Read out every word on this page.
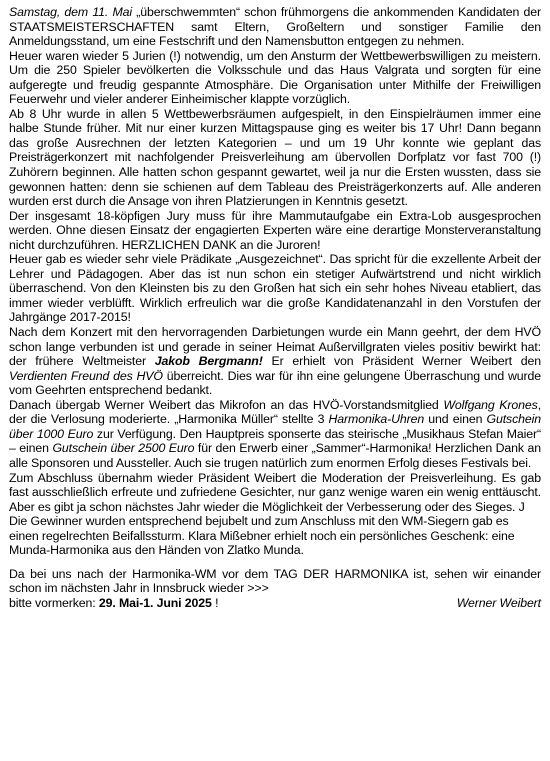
Samstag, dem 11. Mai „überschwemmten“ schon frühmorgens die ankommenden Kandidaten der STAATSMEISTERSCHAFTEN samt Eltern, Großeltern und sonstiger Familie den Anmeldungsstand, um eine Festschrift und den Namensbutton entgegen zu nehmen.

Heuer waren wieder 5 Jurien (!) notwendig, um den Ansturm der Wettbewerbswilligen zu meistern. Um die 250 Spieler bevölkerten die Volksschule und das Haus Valgrata und sorgten für eine aufgeregte und freudig gespannte Atmosphäre. Die Organisation unter Mithilfe der Freiwilligen Feuerwehr und vieler anderer Einheimischer klappte vorzüglich.

Ab 8 Uhr wurde in allen 5 Wettbewerbsräumen aufgespielt, in den Einspielräumen immer eine halbe Stunde früher. Mit nur einer kurzen Mittagspause ging es weiter bis 17 Uhr! Dann begann das große Ausrechnen der letzten Kategorien – und um 19 Uhr konnte wie geplant das Preisträgerkonzert mit nachfolgender Preisverleihung am übervollen Dorfplatz vor fast 700 (!) Zuhörern beginnen. Alle hatten schon gespannt gewartet, weil ja nur die Ersten wussten, dass sie gewonnen hatten: denn sie schienen auf dem Tableau des Preisträgerkonzerts auf. Alle anderen wurden erst durch die Ansage von ihren Platzierungen in Kenntnis gesetzt.

Der insgesamt 18-köpfigen Jury muss für ihre Mammutaufgabe ein Extra-Lob ausgesprochen werden. Ohne diesen Einsatz der engagierten Experten wäre eine derartige Monsterveranstaltung nicht durchzuführen. HERZLICHEN DANK an die Juroren!

Heuer gab es wieder sehr viele Prädikate „Ausgezeichnet“. Das spricht für die exzellente Arbeit der Lehrer und Pädagogen. Aber das ist nun schon ein stetiger Aufwärtstrend und nicht wirklich überraschend. Von den Kleinsten bis zu den Großen hat sich ein sehr hohes Niveau etabliert, das immer wieder verblüfft. Wirklich erfreulich war die große Kandidatenanzahl in den Vorstufen der Jahrgänge 2017-2015!

Nach dem Konzert mit den hervorragenden Darbietungen wurde ein Mann geehrt, der dem HVÖ schon lange verbunden ist und gerade in seiner Heimat Außervillgraten vieles positiv bewirkt hat: der frühere Weltmeister Jakob Bergmann! Er erhielt von Präsident Werner Weibert den Verdienten Freund des HVÖ überreicht. Dies war für ihn eine gelungene Überraschung und wurde vom Geehrten entsprechend bedankt.

Danach übergab Werner Weibert das Mikrofon an das HVÖ-Vorstandsmitglied Wolfgang Krones, der die Verlosung moderierte. „Harmonika Müller“ stellte 3 Harmonika-Uhren und einen Gutschein über 1000 Euro zur Verfügung. Den Hauptpreis sponserte das steirische „Musikhaus Stefan Maier“ – einen Gutschein über 2500 Euro für den Erwerb einer „Sammer“-Harmonika! Herzlichen Dank an alle Sponsoren und Aussteller. Auch sie trugen natürlich zum enormen Erfolg dieses Festivals bei.

Zum Abschluss übernahm wieder Präsident Weibert die Moderation der Preisverleihung. Es gab fast ausschließlich erfreute und zufriedene Gesichter, nur ganz wenige waren ein wenig enttäuscht. Aber es gibt ja schon nächstes Jahr wieder die Möglichkeit der Verbesserung oder des Sieges. J

Die Gewinner wurden entsprechend bejubelt und zum Anschluss mit den WM-Siegern gab es einen regelrechten Beifallssturm. Klara Mißebner erhielt noch ein persönliches Geschenk: eine Munda-Harmonika aus den Händen von Zlatko Munda.

Da bei uns nach der Harmonika-WM vor dem TAG DER HARMONIKA ist, sehen wir einander schon im nächsten Jahr in Innsbruck wieder >>>

bitte vormerken: 29. Mai-1. Juni 2025 !	Werner Weibert
